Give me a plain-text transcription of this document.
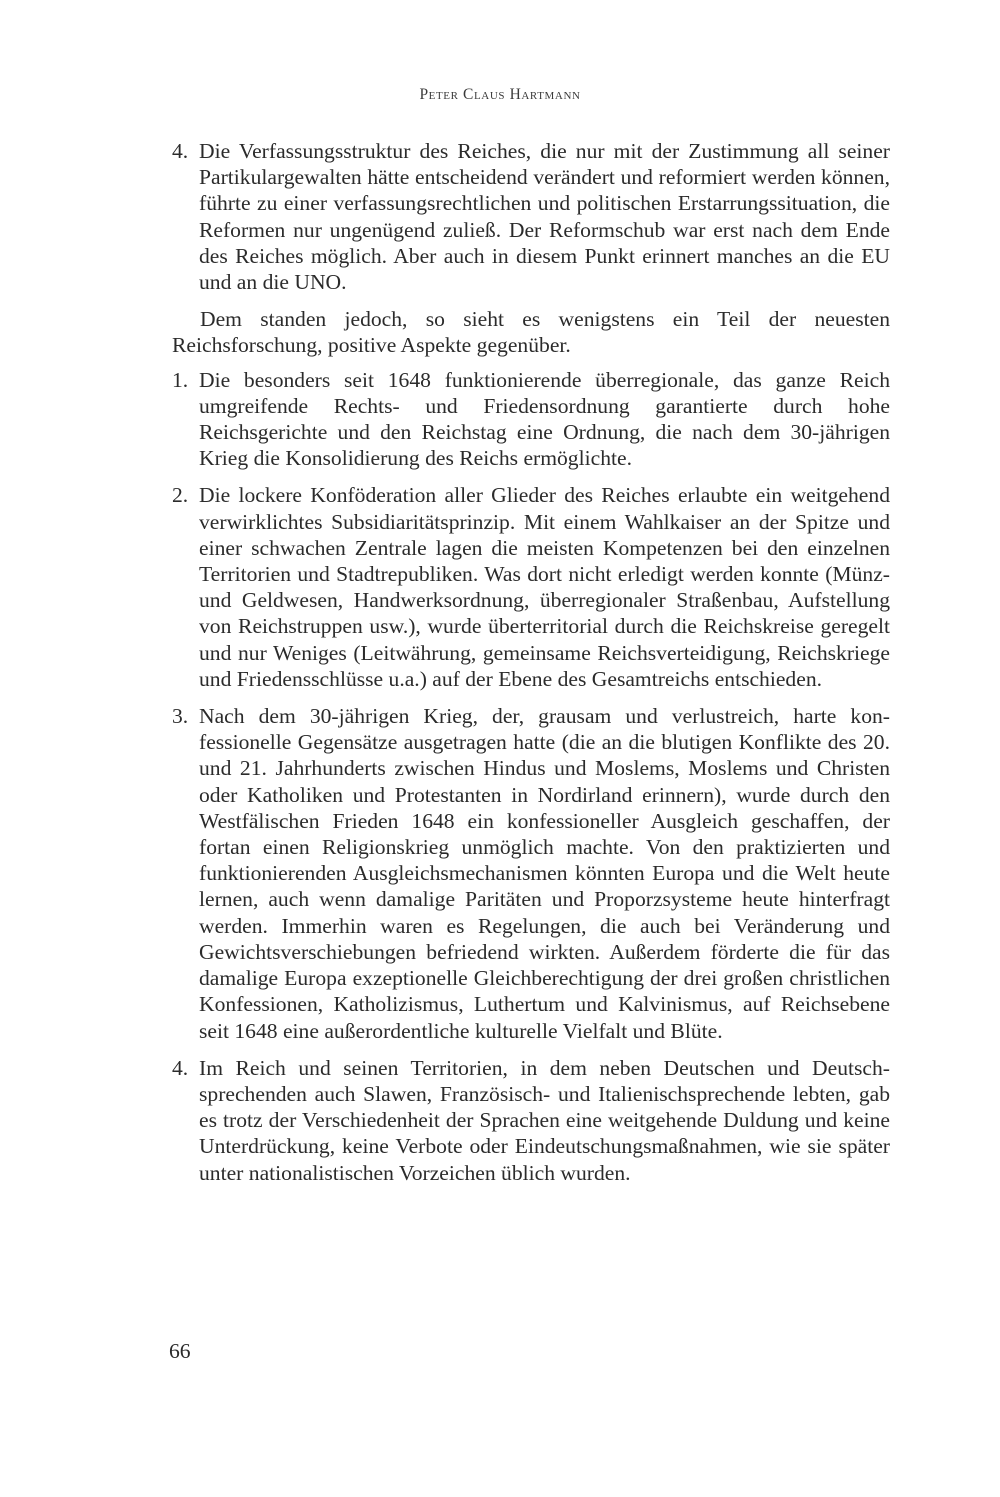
Peter Claus Hartmann
4. Die Verfassungsstruktur des Reiches, die nur mit der Zustimmung all seiner Partikulargewalten hätte entscheidend verändert und reformiert werden können, führte zu einer verfassungsrechtlichen und politischen Erstarrungssituation, die Reformen nur ungenügend zuließ. Der Reformschub war erst nach dem Ende des Reiches möglich. Aber auch in diesem Punkt erinnert manches an die EU und an die UNO.

Dem standen jedoch, so sieht es wenigstens ein Teil der neuesten Reichsforschung, positive Aspekte gegenüber.

1. Die besonders seit 1648 funktionierende überregionale, das ganze Reich umgreifende Rechts- und Friedensordnung garantierte durch hohe Reichsgerichte und den Reichstag eine Ordnung, die nach dem 30-jährigen Krieg die Konsolidierung des Reichs ermöglichte.
2. Die lockere Konföderation aller Glieder des Reiches erlaubte ein weitgehend verwirklichtes Subsidiaritätsprinzip. Mit einem Wahlkaiser an der Spitze und einer schwachen Zentrale lagen die meisten Kompetenzen bei den einzelnen Territorien und Stadtrepubliken. Was dort nicht erledigt werden konnte (Münz- und Geldwesen, Handwerksordnung, überregionaler Straßenbau, Aufstellung von Reichstruppen usw.), wurde überterritorial durch die Reichskreise geregelt und nur Weniges (Leitwährung, gemeinsame Reichsverteidigung, Reichskriege und Friedensschlüsse u.a.) auf der Ebene des Gesamtreichs entschieden.
3. Nach dem 30-jährigen Krieg, der, grausam und verlustreich, harte konfessionelle Gegensätze ausgetragen hatte (die an die blutigen Konflikte des 20. und 21. Jahrhunderts zwischen Hindus und Moslems, Moslems und Christen oder Katholiken und Protestanten in Nordirland erinnern), wurde durch den Westfälischen Frieden 1648 ein konfessioneller Ausgleich geschaffen, der fortan einen Religionskrieg unmöglich machte. Von den praktizierten und funktionierenden Ausgleichsmechanismen könnten Europa und die Welt heute lernen, auch wenn damalige Paritäten und Proporzsysteme heute hinterfragt werden. Immerhin waren es Regelungen, die auch bei Veränderung und Gewichtsverschiebungen befriedend wirkten. Außerdem förderte die für das damalige Europa exzeptionelle Gleichberechtigung der drei großen christlichen Konfessionen, Katholizismus, Luthertum und Kalvinismus, auf Reichsebene seit 1648 eine außerordentliche kulturelle Vielfalt und Blüte.
4. Im Reich und seinen Territorien, in dem neben Deutschen und Deutschsprechenden auch Slawen, Französisch- und Italienischsprechende lebten, gab es trotz der Verschiedenheit der Sprachen eine weitgehende Duldung und keine Unterdrückung, keine Verbote oder Eindeutschungsmaßnahmen, wie sie später unter nationalistischen Vorzeichen üblich wurden.
66
